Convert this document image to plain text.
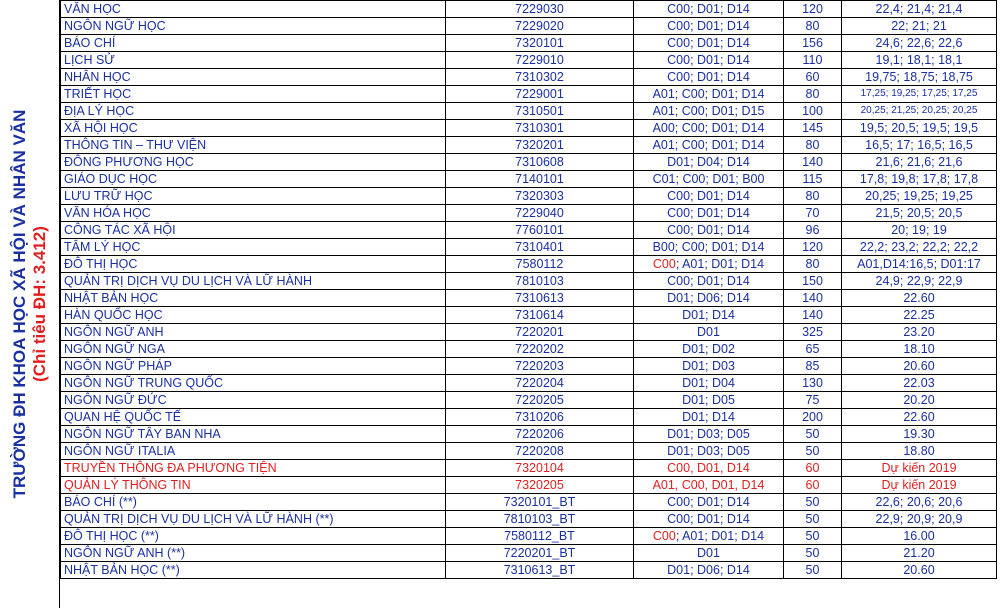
TRƯỜNG ĐH KHOA HỌC XÃ HỘI VÀ NHÂN VĂN (Chỉ tiêu ĐH: 3.412)
VĂN HỌC	7229030	C00; D01; D14	120	22,4; 21,4; 21,4
NGÔN NGỮ HỌC	7229020	C00; D01; D14	80	22; 21; 21
BÁO CHÍ	7320101	C00; D01; D14	156	24,6; 22,6; 22,6
LỊCH SỬ	7229010	C00; D01; D14	110	19,1; 18,1; 18,1
NHÂN HỌC	7310302	C00; D01; D14	60	19,75; 18,75; 18,75
TRIẾT HỌC	7229001	A01; C00; D01; D14	80	17,25; 19,25; 17,25; 17,25
ĐỊA LÝ HỌC	7310501	A01; C00; D01; D15	100	20,25; 21,25; 20,25; 20,25
XÃ HỘI HỌC	7310301	A00; C00; D01; D14	145	19,5; 20,5; 19,5; 19,5
THÔNG TIN – THƯ VIỆN	7320201	A01; C00; D01; D14	80	16,5; 17; 16,5; 16,5
ĐÔNG PHƯƠNG HỌC	7310608	D01; D04; D14	140	21,6; 21,6; 21,6
GIÁO DỤC HỌC	7140101	C01; C00; D01; B00	115	17,8; 19,8; 17,8; 17,8
LƯU TRỮ HỌC	7320303	C00; D01; D14	80	20,25; 19,25; 19,25
VĂN HÓA HỌC	7229040	C00; D01; D14	70	21,5; 20,5; 20,5
CÔNG TÁC XÃ HỘI	7760101	C00; D01; D14	96	20; 19; 19
TÂM LÝ HỌC	7310401	B00; C00; D01; D14	120	22,2; 23,2; 22,2; 22,2
ĐÔ THỊ HỌC	7580112	C00; A01; D01; D14	80	A01,D14:16,5; D01:17
QUẢN TRỊ DỊCH VỤ DU LỊCH VÀ LỮ HÀNH	7810103	C00; D01; D14	150	24,9; 22,9; 22,9
NHẬT BẢN HỌC	7310613	D01; D06; D14	140	22.60
HÀN QUỐC HỌC	7310614	D01; D14	140	22.25
NGÔN NGỮ ANH	7220201	D01	325	23.20
NGÔN NGỮ NGA	7220202	D01; D02	65	18.10
NGÔN NGỮ PHÁP	7220203	D01; D03	85	20.60
NGÔN NGỮ TRUNG QUỐC	7220204	D01; D04	130	22.03
NGÔN NGỮ ĐỨC	7220205	D01; D05	75	20.20
QUAN HỆ QUỐC TẾ	7310206	D01; D14	200	22.60
NGÔN NGỮ TÂY BAN NHA	7220206	D01; D03; D05	50	19.30
NGÔN NGỮ ITALIA	7220208	D01; D03; D05	50	18.80
TRUYỀN THÔNG ĐA PHƯƠNG TIỆN	7320104	C00, D01, D14	60	Dự kiến 2019
QUẢN LÝ THÔNG TIN	7320205	A01, C00, D01, D14	60	Dự kiến 2019
BÁO CHÍ (**)	7320101_BT	C00; D01; D14	50	22,6; 20,6; 20,6
QUẢN TRỊ DỊCH VỤ DU LỊCH VÀ LỮ HÀNH (**)	7810103_BT	C00; D01; D14	50	22,9; 20,9; 20,9
ĐÔ THỊ HỌC (**)	7580112_BT	C00; A01; D01; D14	50	16.00
NGÔN NGỮ ANH (**)	7220201_BT	D01	50	21.20
NHẬT BẢN HỌC (**)	7310613_BT	D01; D06; D14	50	20.60
